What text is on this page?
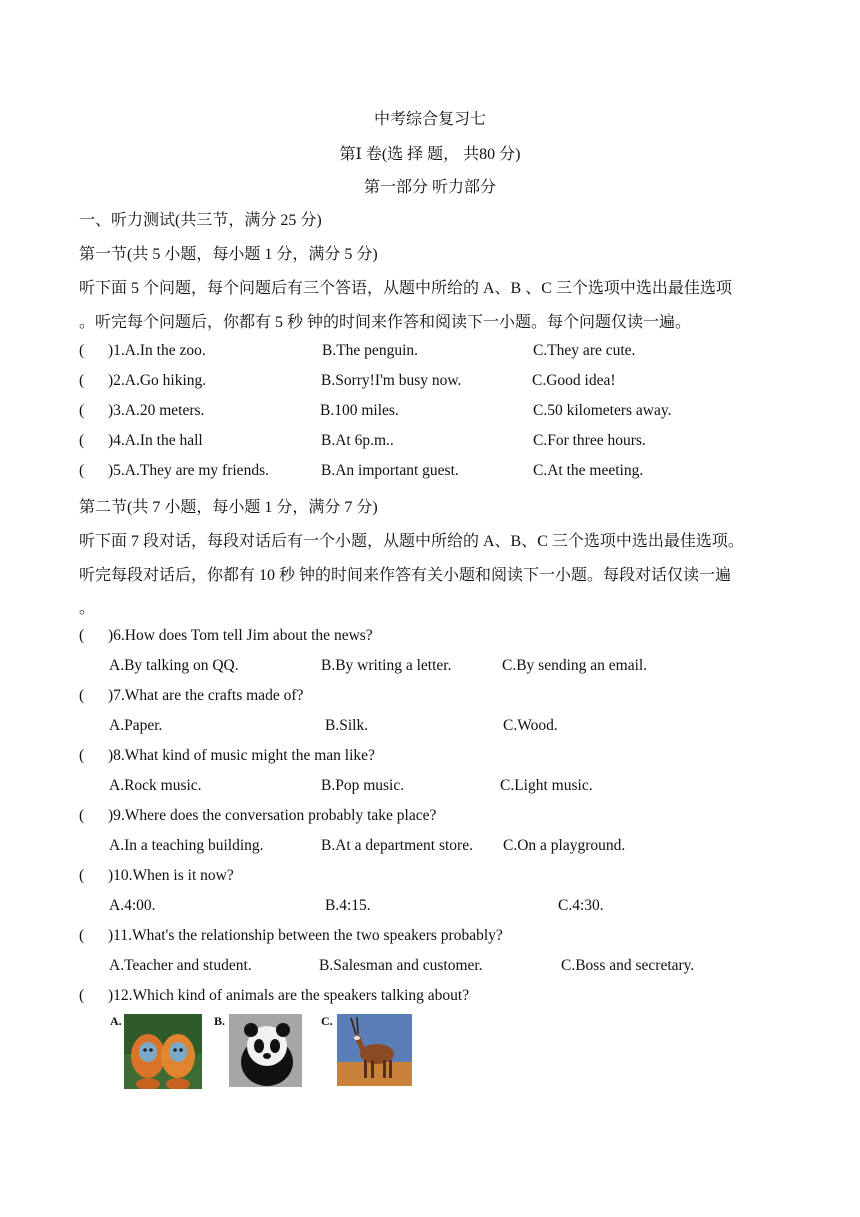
中考综合复习七
第Ⅰ 卷(选 择 题， 共80 分)
第一部分 听力部分
一、听力测试(共三节，满分 25 分)
第一节(共 5 小题，每小题 1 分，满分 5 分)
听下面 5 个问题，每个问题后有三个答语，从题中所给的 A、B 、C 三个选项中选出最佳选项
。听完每个问题后，你都有 5 秒 钟的时间来作答和阅读下一小题。每个问题仅读一遍。
( )1.A.In the zoo.	B.The penguin.	C.They are cute.
( )2.A.Go hiking.	B.Sorry!I'm busy now.	C.Good idea!
( )3.A.20 meters.	B.100 miles.	C.50 kilometers away.
( )4.A.In the hall	B.At 6p.m..	C.For three hours.
( )5.A.They are my friends.	B.An important guest.	C.At the meeting.
第二节(共 7 小题，每小题 1 分，满分 7 分)
听下面 7 段对话，每段对话后有一个小题，从题中所给的 A、B、C 三个选项中选出最佳选项。
听完每段对话后，你都有 10 秒 钟的时间来作答有关小题和阅读下一小题。每段对话仅读一遍
。
( )6.How does Tom tell Jim about the news?
A.By talking on QQ.	B.By writing a letter.	C.By sending an email.
( )7.What are the crafts made of?
A.Paper.	B.Silk.	C.Wood.
( )8.What kind of music might the man like?
A.Rock music.	B.Pop music.	C.Light music.
( )9.Where does the conversation probably take place?
A.In a teaching building.	B.At a department store. C.On a playground.
( )10.When is it now?
A.4:00.	B.4:15.	C.4:30.
( )11.What's the relationship between the two speakers probably?
A.Teacher and student.	B.Salesman and customer.	C.Boss and secretary.
( )12.Which kind of animals are the speakers talking about?
A.	B.	C.
